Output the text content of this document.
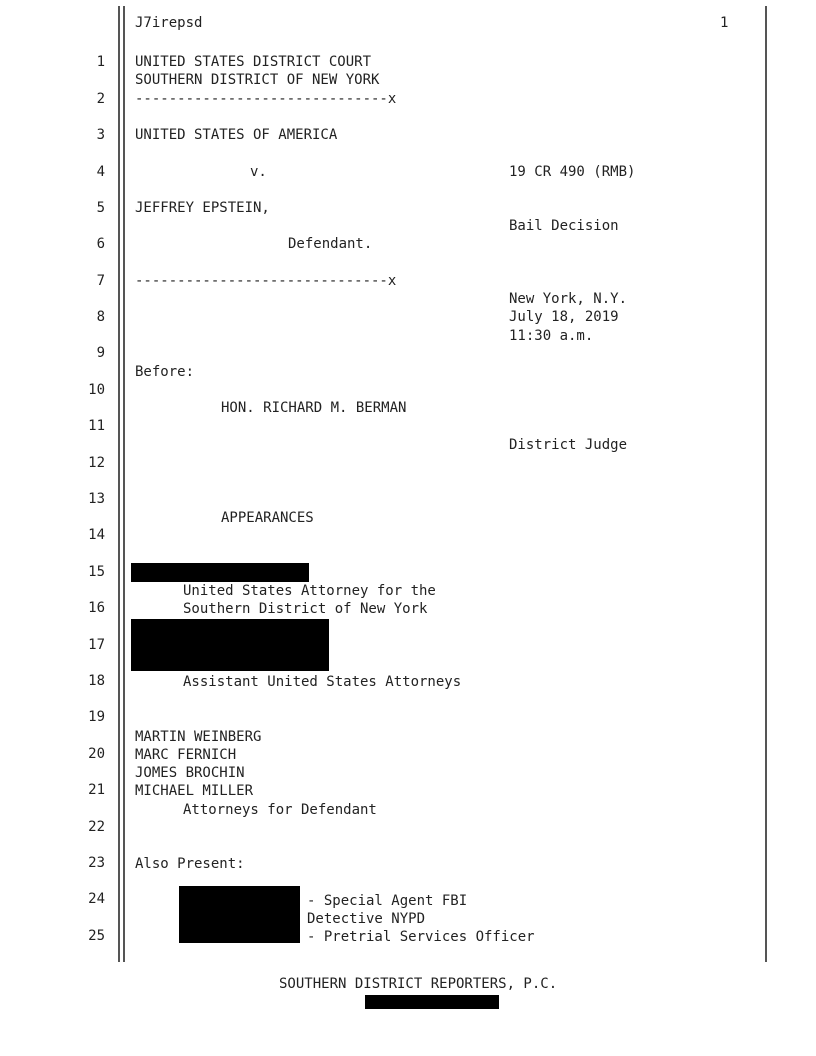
J7irepsd	1
1
2
3
4
5
6
7
8
9
10
11
12
13
14
15
16
17
18
19
20
21
22
23
24
25
UNITED STATES DISTRICT COURT
SOUTHERN DISTRICT OF NEW YORK
------------------------------x
UNITED STATES OF AMERICA
v.	19 CR 490 (RMB)
JEFFREY EPSTEIN,
Bail Decision
Defendant.
------------------------------x
New York, N.Y.
July 18, 2019
11:30 a.m.
Before:
HON. RICHARD M. BERMAN
District Judge
APPEARANCES
United States Attorney for the
Southern District of New York
Assistant United States Attorneys
MARTIN WEINBERG
MARC FERNICH
JOMES BROCHIN
MICHAEL MILLER
Attorneys for Defendant
Also Present:
- Special Agent FBI
Detective NYPD
- Pretrial Services Officer
SOUTHERN DISTRICT REPORTERS, P.C.
